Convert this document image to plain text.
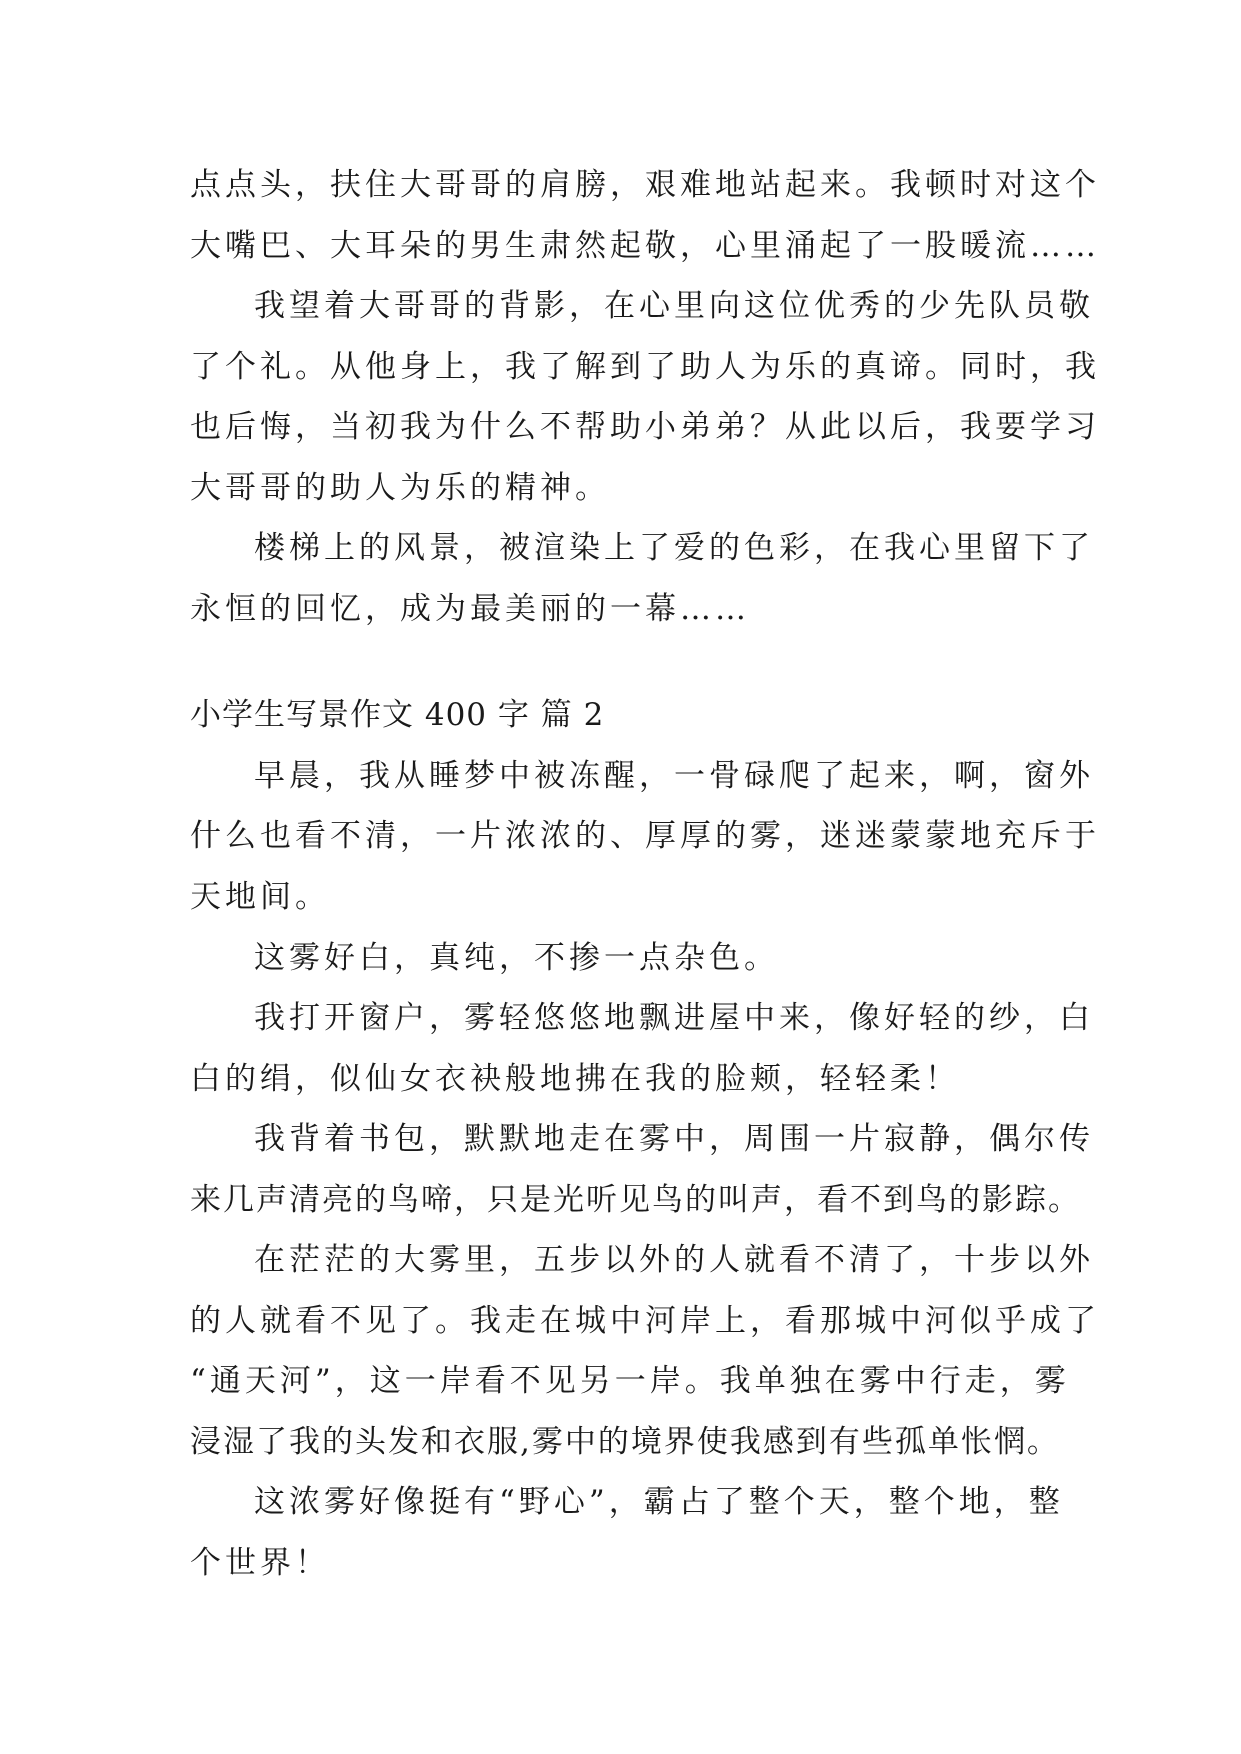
点点头，扶住大哥哥的肩膀，艰难地站起来。我顿时对这个
大嘴巴、大耳朵的男生肃然起敬，心里涌起了一股暖流……
我望着大哥哥的背影，在心里向这位优秀的少先队员敬
了个礼。从他身上，我了解到了助人为乐的真谛。同时，我
也后悔，当初我为什么不帮助小弟弟？从此以后，我要学习
大哥哥的助人为乐的精神。
楼梯上的风景，被渲染上了爱的色彩，在我心里留下了
永恒的回忆，成为最美丽的一幕……
小学生写景作文 400 字 篇 2
早晨，我从睡梦中被冻醒，一骨碌爬了起来，啊，窗外
什么也看不清，一片浓浓的、厚厚的雾，迷迷蒙蒙地充斥于
天地间。
这雾好白，真纯，不掺一点杂色。
我打开窗户，雾轻悠悠地飘进屋中来，像好轻的纱，白
白的绢，似仙女衣袂般地拂在我的脸颊，轻轻柔！
我背着书包，默默地走在雾中，周围一片寂静，偶尔传
来几声清亮的鸟啼，只是光听见鸟的叫声，看不到鸟的影踪。
在茫茫的大雾里，五步以外的人就看不清了，十步以外
的人就看不见了。我走在城中河岸上，看那城中河似乎成了
“通天河”，这一岸看不见另一岸。我单独在雾中行走，雾
浸湿了我的头发和衣服,雾中的境界使我感到有些孤单怅惘。
这浓雾好像挺有“野心”，霸占了整个天，整个地，整
个世界！
